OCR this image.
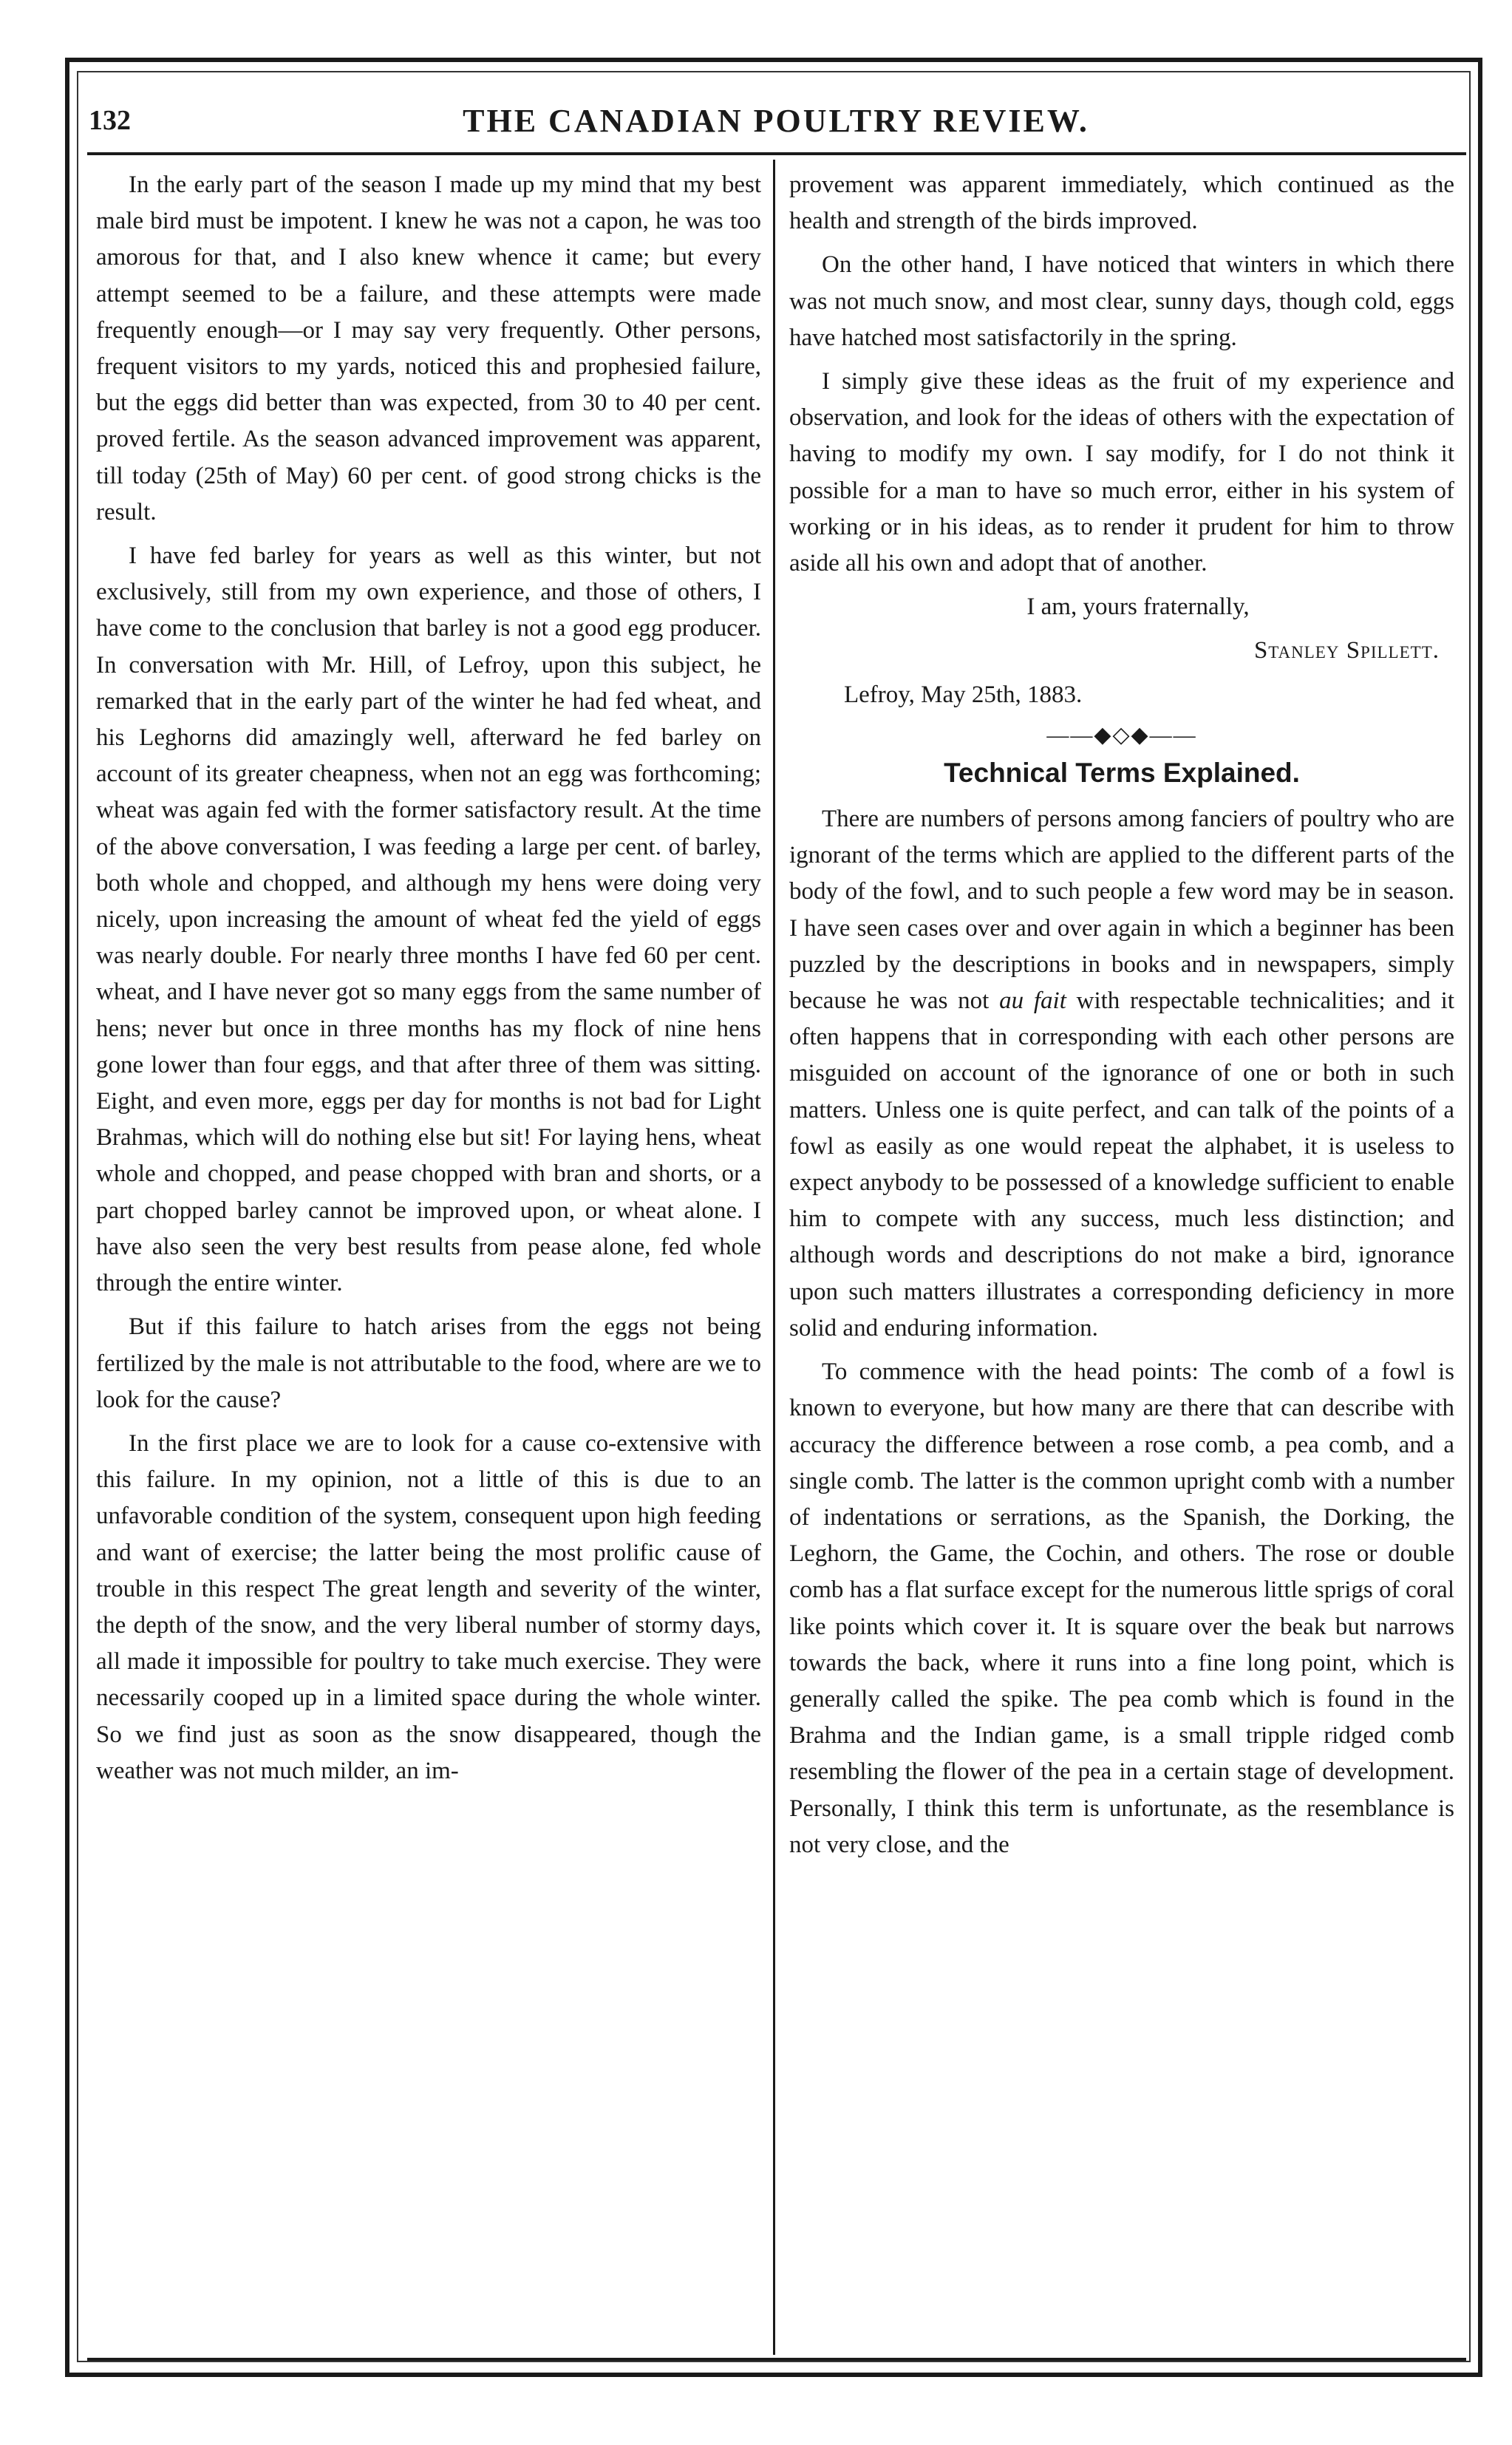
132	THE CANADIAN POULTRY REVIEW.

In the early part of the season I made up my mind that my best male bird must be impotent. I knew he was not a capon, he was too amorous for that, and I also knew whence it came; but every attempt seemed to be a failure, and these attempts were made frequently enough—or I may say very frequently. Other persons, frequent visitors to my yards, noticed this and prophesied failure, but the eggs did better than was expected, from 30 to 40 per cent. proved fertile. As the season advanced improvement was apparent, till today (25th of May) 60 per cent. of good strong chicks is the result.

I have fed barley for years as well as this winter, but not exclusively, still from my own experience, and those of others, I have come to the conclusion that barley is not a good egg producer. In conversation with Mr. Hill, of Lefroy, upon this subject, he remarked that in the early part of the winter he had fed wheat, and his Leghorns did amazingly well, afterward he fed barley on account of its greater cheapness, when not an egg was forthcoming; wheat was again fed with the former satisfactory result. At the time of the above conversation, I was feeding a large per cent. of barley, both whole and chopped, and although my hens were doing very nicely, upon increasing the amount of wheat fed the yield of eggs was nearly double. For nearly three months I have fed 60 per cent. wheat, and I have never got so many eggs from the same number of hens; never but once in three months has my flock of nine hens gone lower than four eggs, and that after three of them was sitting. Eight, and even more, eggs per day for months is not bad for Light Brahmas, which will do nothing else but sit! For laying hens, wheat whole and chopped, and pease chopped with bran and shorts, or a part chopped barley cannot be improved upon, or wheat alone. I have also seen the very best results from pease alone, fed whole through the entire winter.

But if this failure to hatch arises from the eggs not being fertilized by the male is not attributable to the food, where are we to look for the cause?

In the first place we are to look for a cause co-extensive with this failure. In my opinion, not a little of this is due to an unfavorable condition of the system, consequent upon high feeding and want of exercise; the latter being the most prolific cause of trouble in this respect The great length and severity of the winter, the depth of the snow, and the very liberal number of stormy days, all made it impossible for poultry to take much exercise. They were necessarily cooped up in a limited space during the whole winter. So we find just as soon as the snow disappeared, though the weather was not much milder, an im-

provement was apparent immediately, which continued as the health and strength of the birds improved.

On the other hand, I have noticed that winters in which there was not much snow, and most clear, sunny days, though cold, eggs have hatched most satisfactorily in the spring.

I simply give these ideas as the fruit of my experience and observation, and look for the ideas of others with the expectation of having to modify my own. I say modify, for I do not think it possible for a man to have so much error, either in his system of working or in his ideas, as to render it prudent for him to throw aside all his own and adopt that of another.

I am, yours fraternally,

Stanley Spillett.

Lefroy, May 25th, 1883.

――◆◇◆――
Technical Terms Explained.

There are numbers of persons among fanciers of poultry who are ignorant of the terms which are applied to the different parts of the body of the fowl, and to such people a few word may be in season. I have seen cases over and over again in which a beginner has been puzzled by the descriptions in books and in newspapers, simply because he was not au fait with respectable technicalities; and it often happens that in corresponding with each other persons are misguided on account of the ignorance of one or both in such matters. Unless one is quite perfect, and can talk of the points of a fowl as easily as one would repeat the alphabet, it is useless to expect anybody to be possessed of a knowledge sufficient to enable him to compete with any success, much less distinction; and although words and descriptions do not make a bird, ignorance upon such matters illustrates a corresponding deficiency in more solid and enduring information.

To commence with the head points: The comb of a fowl is known to everyone, but how many are there that can describe with accuracy the difference between a rose comb, a pea comb, and a single comb. The latter is the common upright comb with a number of indentations or serrations, as the Spanish, the Dorking, the Leghorn, the Game, the Cochin, and others. The rose or double comb has a flat surface except for the numerous little sprigs of coral like points which cover it. It is square over the beak but narrows towards the back, where it runs into a fine long point, which is generally called the spike. The pea comb which is found in the Brahma and the Indian game, is a small tripple ridged comb resembling the flower of the pea in a certain stage of development. Personally, I think this term is unfortunate, as the resemblance is not very close, and the
